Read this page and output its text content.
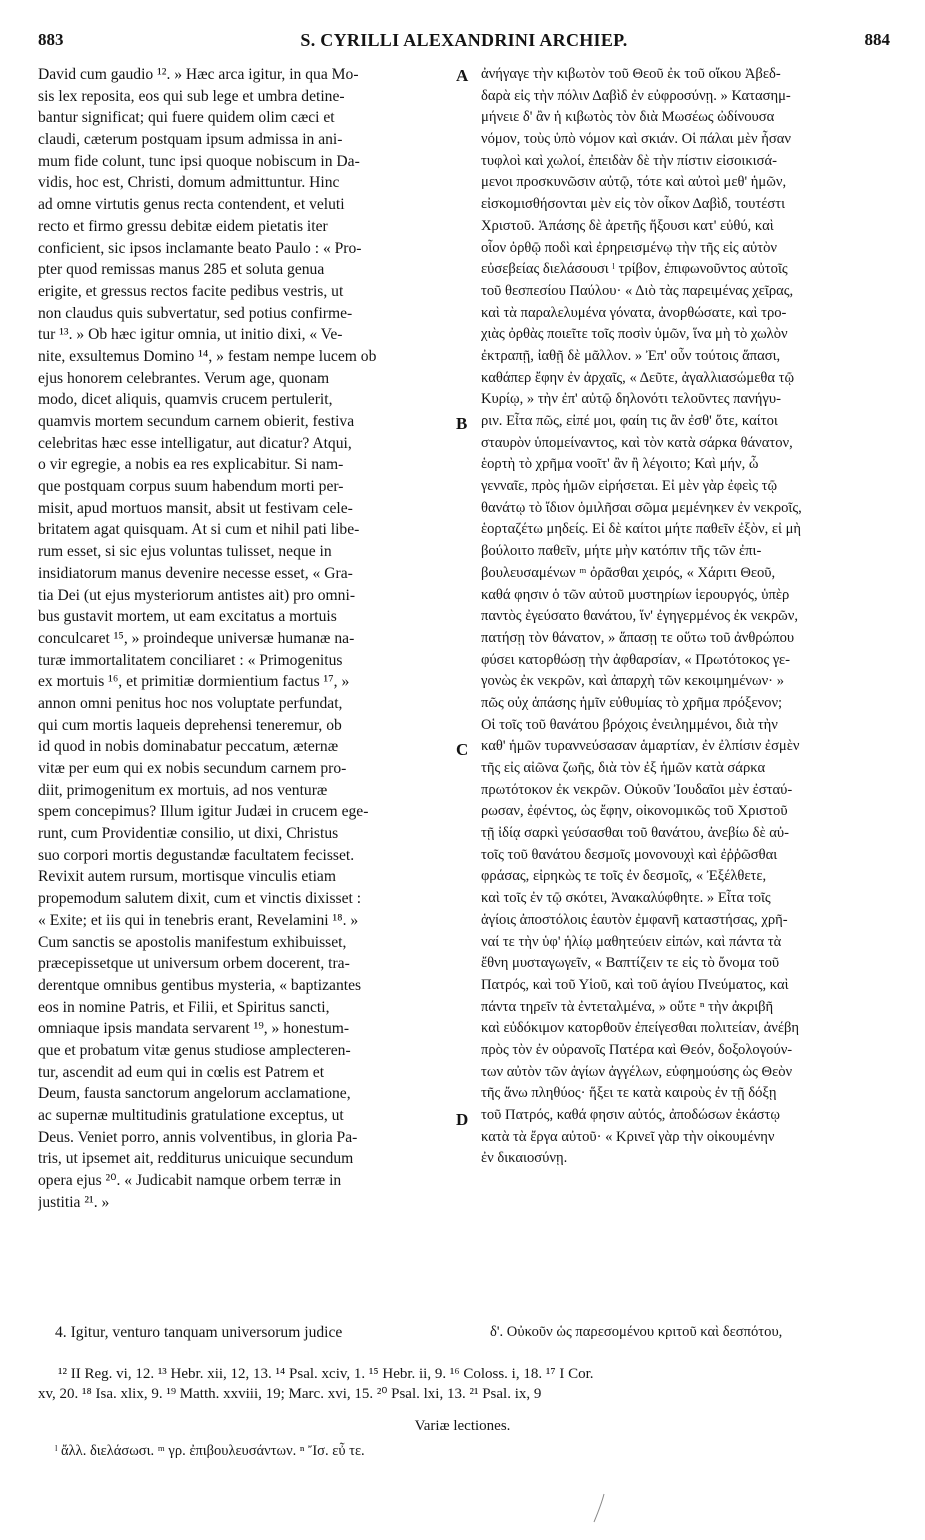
883	S. CYRILLI ALEXANDRINI ARCHIEP.	884
David cum gaudio ¹². » Hæc arca igitur, in qua Mo-
sis lex reposita, eos qui sub lege et umbra detine-
bantur significat; qui fuere quidem olim cæci et
claudi, cæterum postquam ipsum admissa in ani-
mum fide colunt, tunc ipsi quoque nobiscum in Da-
vidis, hoc est, Christi, domum admittuntur. Hinc
ad omne virtutis genus recta contendent, et veluti
recto et firmo gressu debitæ eidem pietatis iter
conficient, sic ipsos inclamante beato Paulo : « Pro-
pter quod remissas manus 285 et soluta genua
erigite, et gressus rectos facite pedibus vestris, ut
non claudus quis subvertatur, sed potius confirme-
tur ¹³. » Ob hæc igitur omnia, ut initio dixi, « Ve-
nite, exsultemus Domino ¹⁴, » festam nempe lucem ob
ejus honorem celebrantes. Verum age, quonam
modo, dicet aliquis, quamvis crucem pertulerit,
quamvis mortem secundum carnem obierit, festiva
celebritas hæc esse intelligatur, aut dicatur? Atqui,
o vir egregie, a nobis ea res explicabitur. Si nam-
que postquam corpus suum habendum morti per-
misit, apud mortuos mansit, absit ut festivam cele-
britatem agat quisquam. At si cum et nihil pati libe-
rum esset, si sic ejus voluntas tulisset, neque in
insidiatorum manus devenire necesse esset, « Gra-
tia Dei (ut ejus mysteriorum antistes ait) pro omni-
bus gustavit mortem, ut eam excitatus a mortuis
conculcaret ¹⁵, » proindeque universæ humanæ na-
turæ immortalitatem conciliaret : « Primogenitus
ex mortuis ¹⁶, et primitiæ dormientium factus ¹⁷, »
annon omni penitus hoc nos voluptate perfundat,
qui cum mortis laqueis deprehensi teneremur, ob
id quod in nobis dominabatur peccatum, æternæ
vitæ per eum qui ex nobis secundum carnem pro-
diit, primogenitum ex mortuis, ad nos venturæ
spem concepimus? Illum igitur Judæi in crucem ege-
runt, cum Providentiæ consilio, ut dixi, Christus
suo corpori mortis degustandæ facultatem fecisset.
Revixit autem rursum, mortisque vinculis etiam
propemodum salutem dixit, cum et vinctis dixisset :
« Exite; et iis qui in tenebris erant, Revelamini ¹⁸. »
Cum sanctis se apostolis manifestum exhibuisset,
præcepissetque ut universum orbem docerent, tra-
derentque omnibus gentibus mysteria, « baptizantes
eos in nomine Patris, et Filii, et Spiritus sancti,
omniaque ipsis mandata servarent ¹⁹, » honestum-
que et probatum vitæ genus studiose amplecteren-
tur, ascendit ad eum qui in cœlis est Patrem et
Deum, fausta sanctorum angelorum acclamatione,
ac supernæ multitudinis gratulatione exceptus, ut
Deus. Veniet porro, annis volventibus, in gloria Pa-
tris, ut ipsemet ait, redditurus unicuique secundum
opera ejus ²⁰. « Judicabit namque orbem terræ in
justitia ²¹. »
ἀνήγαγε τὴν κιβωτὸν τοῦ Θεοῦ ἐκ τοῦ οἴκου Ἀβεδ-
δαρὰ εἰς τὴν πόλιν Δαβὶδ ἐν εὐφροσύνῃ. » Κατασημ-
μήνειε δ' ἂν ἡ κιβωτὸς τὸν διὰ Μωσέως ὠδίνουσα
νόμον, τοὺς ὑπὸ νόμον καὶ σκιάν. Οἱ πάλαι μὲν ἦσαν
τυφλοὶ καὶ χωλοί, ἐπειδὰν δὲ τὴν πίστιν εἰσοικισά-
μενοι προσκυνῶσιν αὐτῷ, τότε καὶ αὐτοὶ μεθ' ἡμῶν,
εἰσκομισθήσονται μὲν εἰς τὸν οἶκον Δαβὶδ, τουτέστι
Χριστοῦ. Ἁπάσης δὲ ἀρετῆς ἥξουσι κατ' εὐθύ, καὶ
οἷον ὀρθῷ ποδὶ καὶ ἐρηρεισμένῳ τὴν τῆς εἰς αὐτὸν
εὐσεβείας διελάσουσι ˡ τρίβον, ἐπιφωνοῦντος αὐτοῖς
τοῦ θεσπεσίου Παύλου· « Διὸ τὰς παρειμένας χεῖρας,
καὶ τὰ παραλελυμένα γόνατα, ἀνορθώσατε, καὶ τρο-
χιὰς ὀρθὰς ποιεῖτε τοῖς ποσὶν ὑμῶν, ἵνα μὴ τὸ χωλὸν
ἐκτραπῇ, ἰαθῇ δὲ μᾶλλον. » Ἐπ' οὖν τούτοις ἅπασι,
καθάπερ ἔφην ἐν ἀρχαῖς, « Δεῦτε, ἀγαλλιασώμεθα τῷ
Κυρίῳ, » τὴν ἐπ' αὐτῷ δηλονότι τελοῦντες πανήγυ-
ριν. Εἶτα πῶς, εἰπέ μοι, φαίη τις ἂν ἐσθ' ὅτε, καίτοι
σταυρὸν ὑπομείναντος, καὶ τὸν κατὰ σάρκα θάνατον,
ἑορτὴ τὸ χρῆμα νοοῖτ' ἂν ἢ λέγοιτο; Καὶ μήν, ὦ
γενναῖε, πρὸς ἡμῶν εἰρήσεται. Εἰ μὲν γὰρ ἐφεὶς τῷ
θανάτῳ τὸ ἴδιον ὁμιλῆσαι σῶμα μεμένηκεν ἐν νεκροῖς,
ἑορταζέτω μηδείς. Εἰ δὲ καίτοι μήτε παθεῖν ἐξὸν, εἰ μὴ
βούλοιτο παθεῖν, μήτε μὴν κατόπιν τῆς τῶν ἐπι-
βουλευσαμένων ᵐ ὀρᾶσθαι χειρός, « Χάριτι Θεοῦ,
καθά φησιν ὁ τῶν αὐτοῦ μυστηρίων ἱερουργός, ὑπὲρ
παντὸς ἐγεύσατο θανάτου, ἵν' ἐγηγερμένος ἐκ νεκρῶν,
πατήσῃ τὸν θάνατον, » ἅπασῃ τε οὕτω τοῦ ἀνθρώπου
φύσει κατορθώσῃ τὴν ἀφθαρσίαν, « Πρωτότοκος γε-
γονὼς ἐκ νεκρῶν, καὶ ἀπαρχὴ τῶν κεκοιμημένων· »
πῶς οὐχ ἁπάσης ἡμῖν εὐθυμίας τὸ χρῆμα πρόξενον;
Οἱ τοῖς τοῦ θανάτου βρόχοις ἐνειλημμένοι, διὰ τὴν
καθ' ἡμῶν τυραννεύσασαν ἁμαρτίαν, ἐν ἐλπίσιν ἐσμὲν
τῆς εἰς αἰῶνα ζωῆς, διὰ τὸν ἐξ ἡμῶν κατὰ σάρκα
πρωτότοκον ἐκ νεκρῶν. Οὐκοῦν Ἰουδαῖοι μὲν ἐσταύ-
ρωσαν, ἐφέντος, ὡς ἔφην, οἰκονομικῶς τοῦ Χριστοῦ
τῇ ἰδίᾳ σαρκὶ γεύσασθαι τοῦ θανάτου, ἀνεβίω δὲ αὐ-
τοῖς τοῦ θανάτου δεσμοῖς μονονουχὶ καὶ ἐῤῥῶσθαι
φράσας, εἰρηκὼς τε τοῖς ἐν δεσμοῖς, « Ἐξέλθετε,
καὶ τοῖς ἐν τῷ σκότει, Ἀνακαλύφθητε. » Εἶτα τοῖς
ἁγίοις ἀποστόλοις ἑαυτὸν ἐμφανῆ καταστήσας, χρῆ-
ναί τε τὴν ὑφ' ἡλίῳ μαθητεύειν εἰπών, καὶ πάντα τὰ
ἔθνη μυσταγωγεῖν, « Βαπτίζειν τε εἰς τὸ ὄνομα τοῦ
Πατρός, καὶ τοῦ Υἱοῦ, καὶ τοῦ ἁγίου Πνεύματος, καὶ
πάντα τηρεῖν τὰ ἐντεταλμένα, » οὕτε ⁿ τὴν ἀκριβῆ
καὶ εὐδόκιμον κατορθοῦν ἐπείγεσθαι πολιτείαν, ἀνέβη
πρὸς τὸν ἐν οὐρανοῖς Πατέρα καὶ Θεόν, δοξολογούν-
των αὐτὸν τῶν ἁγίων ἀγγέλων, εὐφημούσης ὡς Θεὸν
τῆς ἄνω πληθύος· ἥξει τε κατὰ καιροὺς ἐν τῇ δόξῃ
τοῦ Πατρός, καθά φησιν αὐτός, ἀποδώσων ἑκάστῳ
κατὰ τὰ ἔργα αὐτοῦ· « Κρινεῖ γὰρ τὴν οἰκουμένην
ἐν δικαιοσύνῃ.
A
B
C
D
4. Igitur, venturo tanquam universorum judice	δ'. Οὐκοῦν ὡς παρεσομένου κριτοῦ καὶ δεσπότου,
¹² II Reg. vi, 12. ¹³ Hebr. xii, 12, 13. ¹⁴ Psal. xciv, 1. ¹⁵ Hebr. ii, 9. ¹⁶ Coloss. i, 18. ¹⁷ I Cor.
xv, 20. ¹⁸ Isa. xlix, 9. ¹⁹ Matth. xxviii, 19; Marc. xvi, 15. ²⁰ Psal. lxi, 13. ²¹ Psal. ix, 9
Variæ lectiones.
ˡ ἄλλ. διελάσωσι. ᵐ γρ. ἐπιβουλευσάντων. ⁿ Ἴσ. εὖ τε.
